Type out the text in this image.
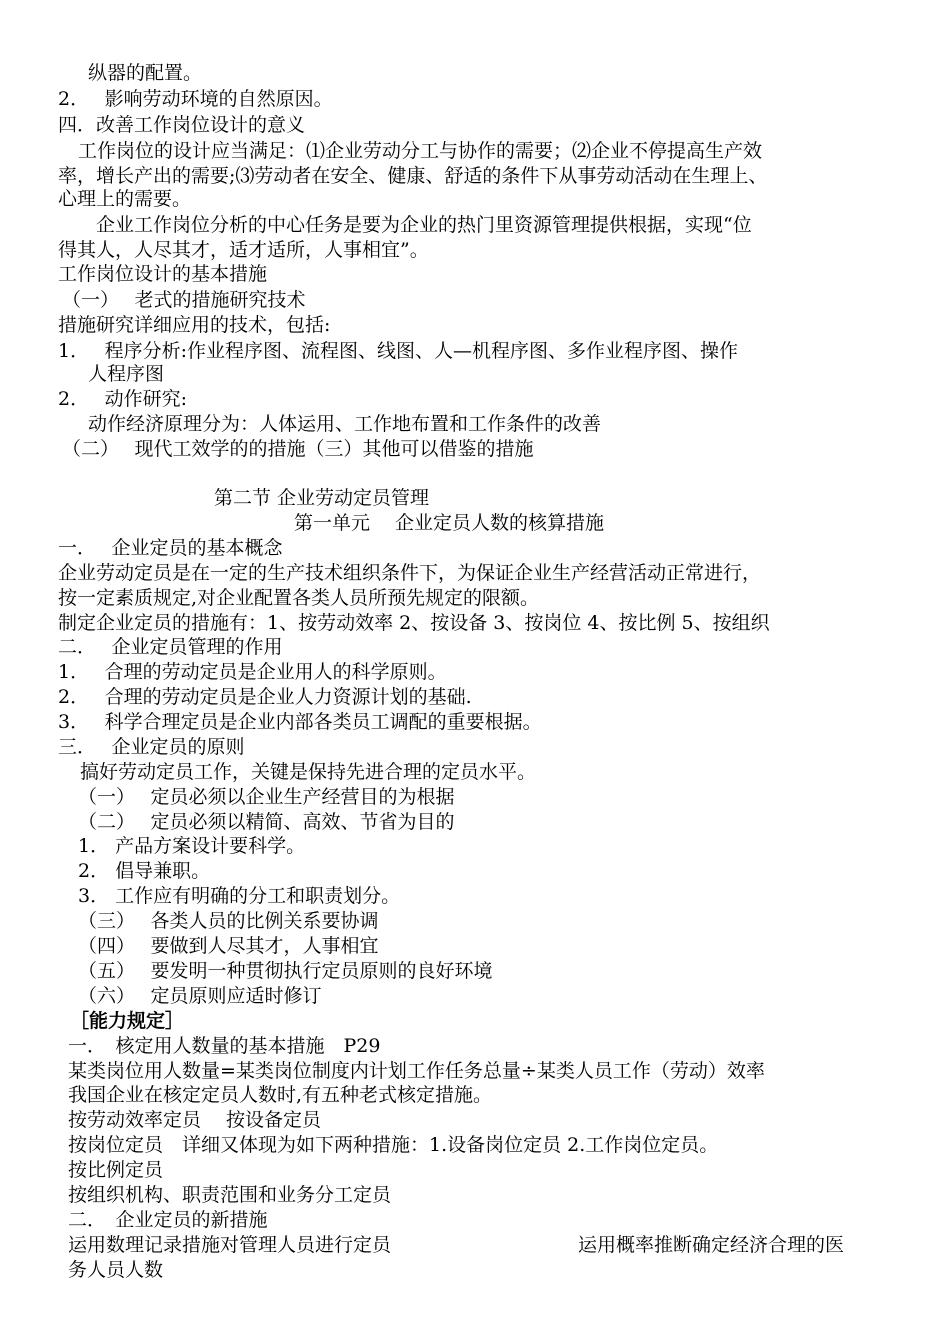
纵器的配置。
2．　 影响劳动环境的自然原因。
四．改善工作岗位设计的意义
工作岗位的设计应当满足：⑴企业劳动分工与协作的需要；⑵企业不停提高生产效
率，增长产出的需要;⑶劳动者在安全、健康、舒适的条件下从事劳动活动在生理上、
心理上的需要。
企业工作岗位分析的中心任务是要为企业的热门里资源管理提供根据，实现“位
得其人，人尽其才，适才适所，人事相宜”。
工作岗位设计的基本措施
（一）　 老式的措施研究技术
措施研究详细应用的技术，包括:
1．　 程序分析:作业程序图、流程图、线图、人—机程序图、多作业程序图、操作
人程序图
2．　 动作研究:
动作经济原理分为：人体运用、工作地布置和工作条件的改善
（二）　 现代工效学的的措施（三）其他可以借鉴的措施
第二节 企业劳动定员管理
第一单元　 企业定员人数的核算措施
一．　 企业定员的基本概念
企业劳动定员是在一定的生产技术组织条件下，为保证企业生产经营活动正常进行，
按一定素质规定,对企业配置各类人员所预先规定的限额。
制定企业定员的措施有：1、按劳动效率 2、按设备 3、按岗位 4、按比例 5、按组织
二．　 企业定员管理的作用
1．　 合理的劳动定员是企业用人的科学原则。
2．　 合理的劳动定员是企业人力资源计划的基础.
3．　 科学合理定员是企业内部各类员工调配的重要根据。
三．　 企业定员的原则
搞好劳动定员工作，关键是保持先进合理的定员水平。
（一）　 定员必须以企业生产经营目的为根据
（二）　 定员必须以精简、高效、节省为目的
1． 产品方案设计要科学。
2． 倡导兼职。
3． 工作应有明确的分工和职责划分。
（三）　 各类人员的比例关系要协调
（四）　 要做到人尽其才，人事相宜
（五）　 要发明一种贯彻执行定员原则的良好环境
（六）　 定员原则应适时修订
［能力规定］
一．　核定用人数量的基本措施　P29
某类岗位用人数量=某类岗位制度内计划工作任务总量÷某类人员工作（劳动）效率
我国企业在核定定员人数时,有五种老式核定措施。
按劳动效率定员　 按设备定员
按岗位定员　详细又体现为如下两种措施：1.设备岗位定员 2.工作岗位定员。
按比例定员
按组织机构、职责范围和业务分工定员
二．　企业定员的新措施
运用数理记录措施对管理人员进行定员	运用概率推断确定经济合理的医
务人员人数
